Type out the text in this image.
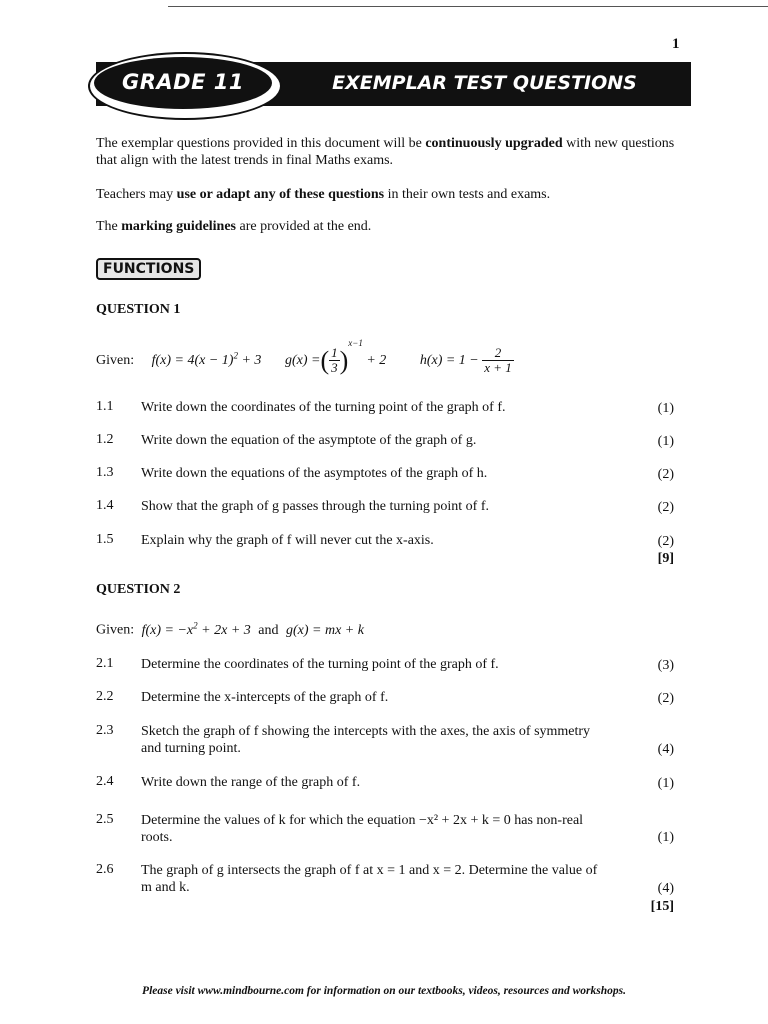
1
GRADE 11	EXEMPLAR TEST QUESTIONS
The exemplar questions provided in this document will be continuously upgraded with new questions that align with the latest trends in final Maths exams.
Teachers may use or adapt any of these questions in their own tests and exams.
The marking guidelines are provided at the end.
FUNCTIONS
QUESTION 1
Given: $f(x) = 4(x - 1)^2 + 3$ g(x) =( $\frac{1}{3} )^{x-1} + 2$ $h(x) = 1 - \frac{2}{x + 1}$
1.1 Write down the coordinates of the turning point of the graph of f.	(1)
1.2 Write down the equation of the asymptote of the graph of g.	(1)
1.3 Write down the equations of the asymptotes of the graph of h.	(2)
1.4 Show that the graph of g passes through the turning point of f.	(2)
1.5 Explain why the graph of f will never cut the x-axis.	(2)
[9]
QUESTION 2
Given: $f(x) = -x^2 + 2x + 3$ and g(x) = mx + k
2.1 Determine the coordinates of the turning point of the graph of f.	(3)
2.2 Determine the x-intercepts of the graph of f.	(2)
2.3 Sketch the graph of f showing the intercepts with the axes, the axis of symmetry and turning point.	(4)
2.4 Write down the range of the graph of f.	(1)
2.5 Determine the values of k for which the equation −x² + 2x + k = 0 has non-real roots.	(1)
2.6 The graph of g intersects the graph of f at x = 1 and x = 2. Determine the value of m and k.	(4)
[15]
Please visit www.mindbourne.com for information on our textbooks, videos, resources and workshops.
